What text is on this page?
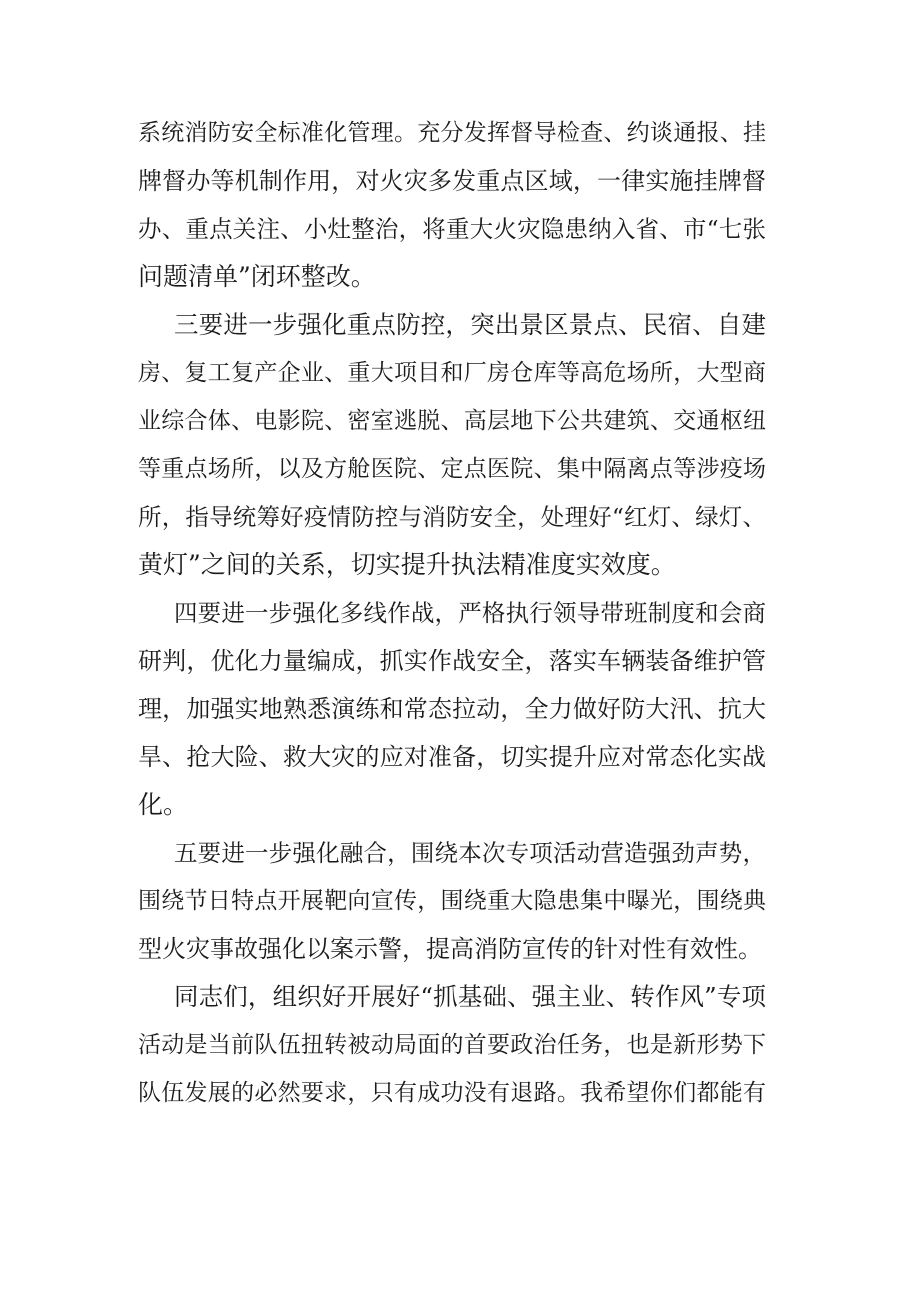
系统消防安全标准化管理。充分发挥督导检查、约谈通报、挂
牌督办等机制作用，对火灾多发重点区域，一律实施挂牌督
办、重点关注、小灶整治，将重大火灾隐患纳入省、市“七张
问题清单”闭环整改。
三要进一步强化重点防控，突出景区景点、民宿、自建
房、复工复产企业、重大项目和厂房仓库等高危场所，大型商
业综合体、电影院、密室逃脱、高层地下公共建筑、交通枢纽
等重点场所，以及方舱医院、定点医院、集中隔离点等涉疫场
所，指导统筹好疫情防控与消防安全，处理好“红灯、绿灯、
黄灯”之间的关系，切实提升执法精准度实效度。
四要进一步强化多线作战，严格执行领导带班制度和会商
研判，优化力量编成，抓实作战安全，落实车辆装备维护管
理，加强实地熟悉演练和常态拉动，全力做好防大汛、抗大
旱、抢大险、救大灾的应对准备，切实提升应对常态化实战
化。
五要进一步强化融合，围绕本次专项活动营造强劲声势，
围绕节日特点开展靶向宣传，围绕重大隐患集中曝光，围绕典
型火灾事故强化以案示警，提高消防宣传的针对性有效性。
同志们，组织好开展好“抓基础、强主业、转作风”专项
活动是当前队伍扭转被动局面的首要政治任务，也是新形势下
队伍发展的必然要求，只有成功没有退路。我希望你们都能有
